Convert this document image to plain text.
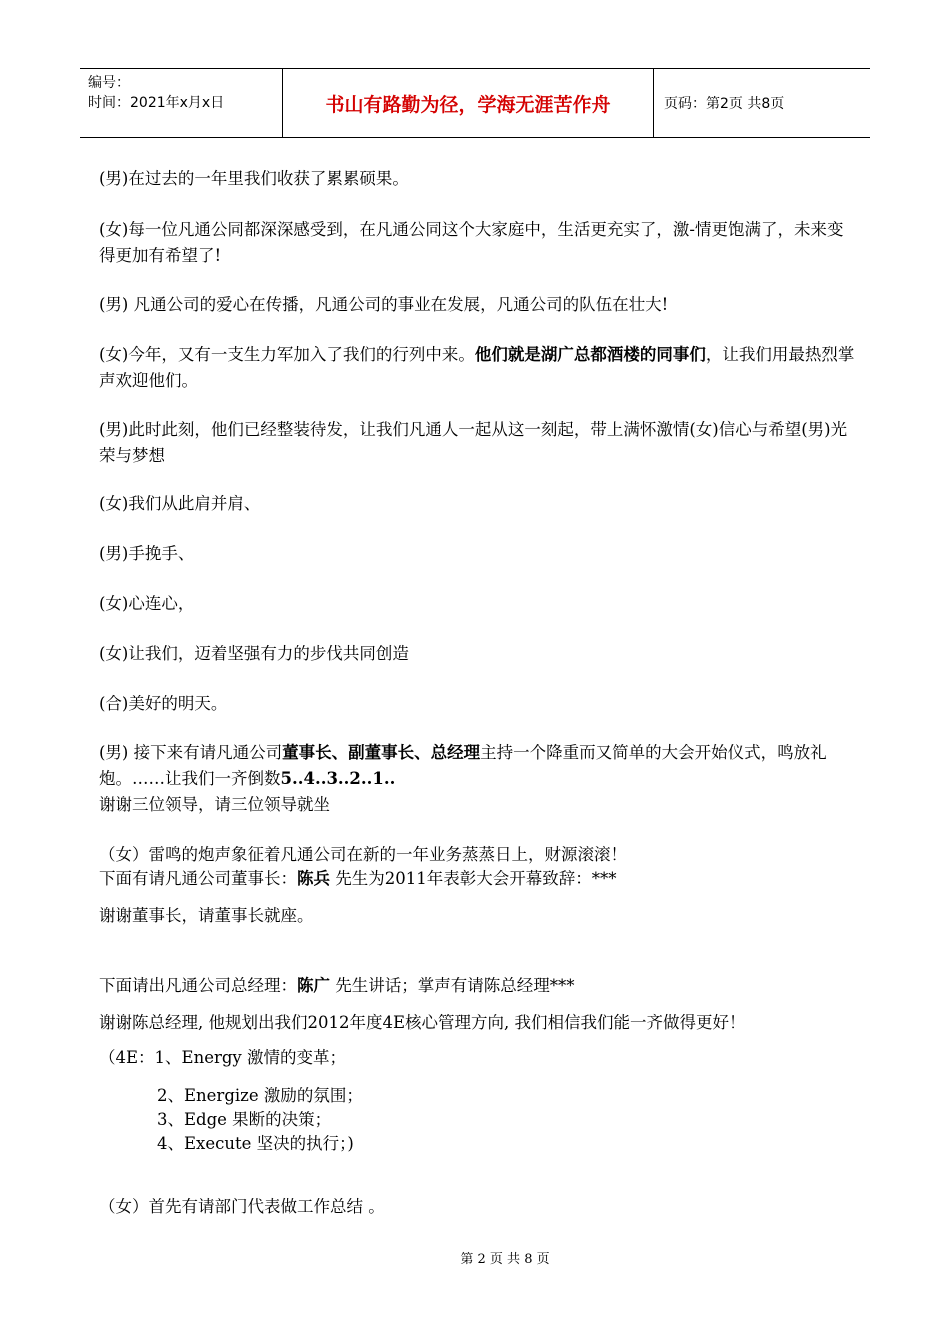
编号：
时间：2021年x月x日	书山有路勤为径，学海无涯苦作舟	页码：第2页 共8页

(男)在过去的一年里我们收获了累累硕果。

(女)每一位凡通公同都深深感受到，在凡通公同这个大家庭中，生活更充实了，激-情更饱满了，未来变得更加有希望了!

(男) 凡通公司的爱心在传播，凡通公司的事业在发展，凡通公司的队伍在壮大!

(女)今年，又有一支生力军加入了我们的行列中来。他们就是湖广总都酒楼的同事们，让我们用最热烈掌声欢迎他们。

(男)此时此刻，他们已经整装待发，让我们凡通人一起从这一刻起，带上满怀激情(女)信心与希望(男)光荣与梦想

(女)我们从此肩并肩、

(男)手挽手、

(女)心连心，

(女)让我们，迈着坚强有力的步伐共同创造

(合)美好的明天。

(男) 接下来有请凡通公司董事长、副董事长、总经理主持一个降重而又简单的大会开始仪式，鸣放礼炮。……让我们一齐倒数5..4..3..2..1..

谢谢三位领导，请三位领导就坐

（女）雷鸣的炮声象征着凡通公司在新的一年业务蒸蒸日上，财源滚滚！

下面有请凡通公司董事长：陈兵 先生为2011年表彰大会开幕致辞：***

谢谢董事长，请董事长就座。

下面请出凡通公司总经理：陈广 先生讲话；掌声有请陈总经理***

谢谢陈总经理, 他规划出我们2012年度4E核心管理方向, 我们相信我们能一齐做得更好！

（4E：1、Energy 激情的变革；

2、Energize 激励的氛围；

3、Edge 果断的决策；

4、Execute 坚决的执行；)

（女）首先有请部门代表做工作总结 。

第 2 页 共 8 页
